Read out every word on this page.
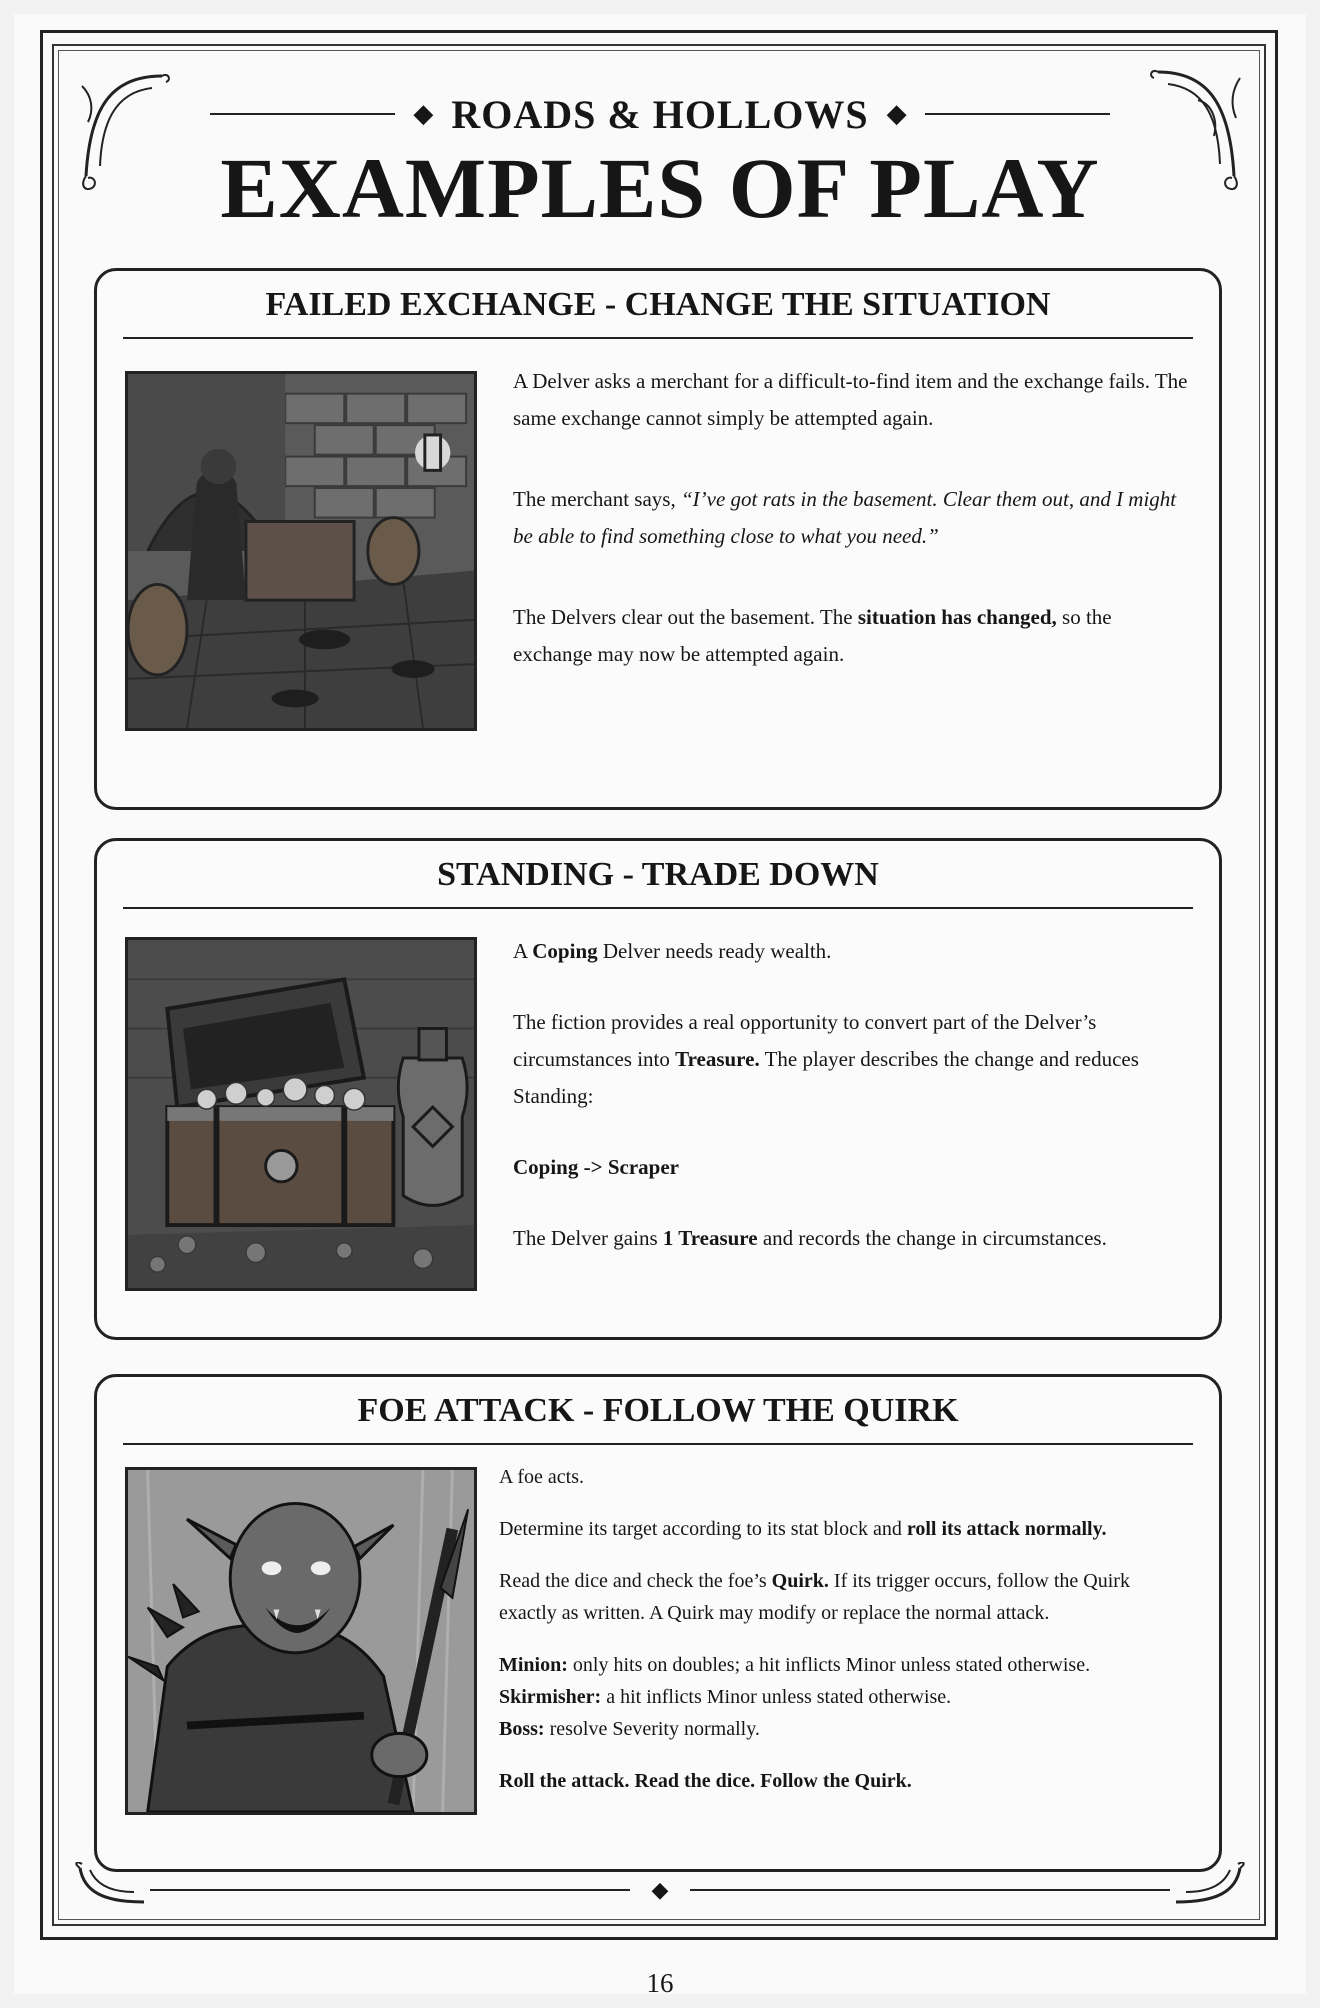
◆ ROADS & HOLLOWS ◆
EXAMPLES OF PLAY
FAILED EXCHANGE - CHANGE THE SITUATION

A Delver asks a merchant for a difficult-to-find item and the exchange fails. The same exchange cannot simply be attempted again.

The merchant says, “I’ve got rats in the basement. Clear them out, and I might be able to find something close to what you need.”

The Delvers clear out the basement. The situation has changed, so the exchange may now be attempted again.

STANDING - TRADE DOWN

A Coping Delver needs ready wealth.

The fiction provides a real opportunity to convert part of the Delver’s circumstances into Treasure. The player describes the change and reduces Standing:

Coping -> Scraper

The Delver gains 1 Treasure and records the change in circumstances.

FOE ATTACK - FOLLOW THE QUIRK

A foe acts.

Determine its target according to its stat block and roll its attack normally.

Read the dice and check the foe’s Quirk. If its trigger occurs, follow the Quirk exactly as written. A Quirk may modify or replace the normal attack.

Minion: only hits on doubles; a hit inflicts Minor unless stated otherwise.

Skirmisher: a hit inflicts Minor unless stated otherwise.

Boss: resolve Severity normally.

Roll the attack. Read the dice. Follow the Quirk.

◆
16
